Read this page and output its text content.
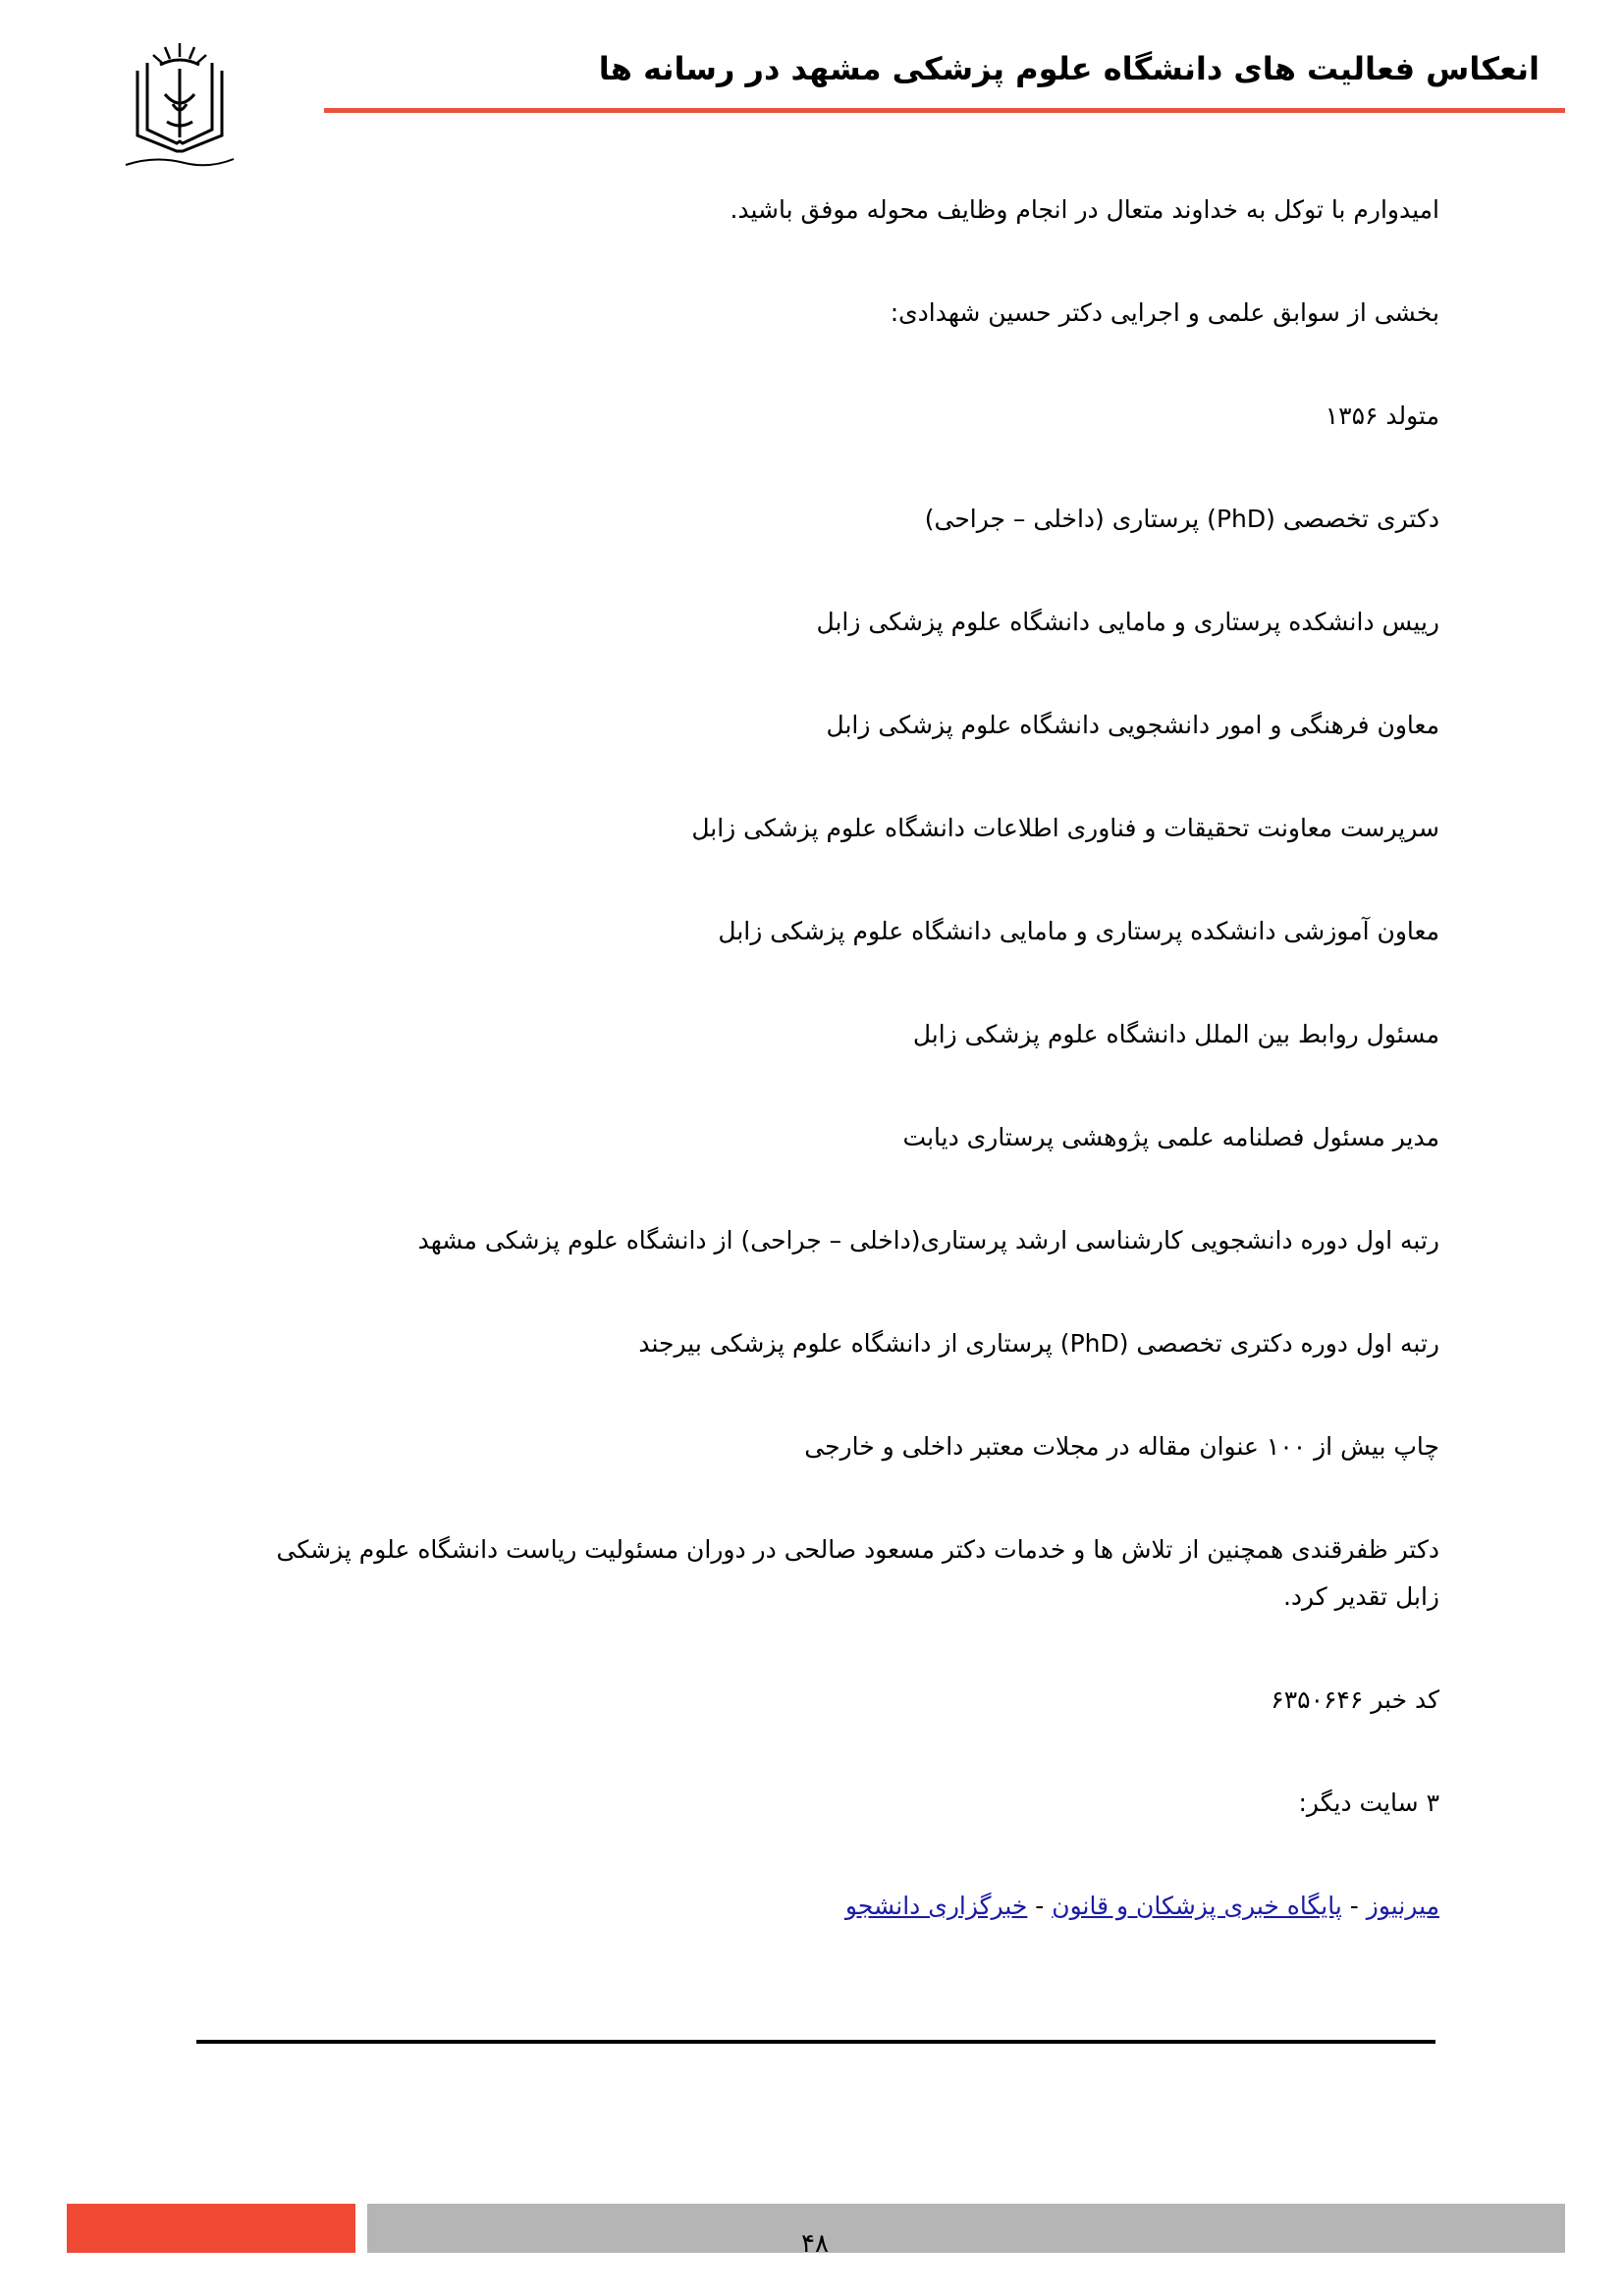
انعکاس فعالیت های دانشگاه علوم پزشکی مشهد در رسانه ها

امیدوارم با توکل به خداوند متعال در انجام وظایف محوله موفق باشید.

بخشی از سوابق علمی و اجرایی دکتر حسین شهدادی:

متولد ۱۳۵۶

دکتری تخصصی (PhD) پرستاری (داخلی – جراحی)

رییس دانشکده پرستاری و مامایی دانشگاه علوم پزشکی زابل

معاون فرهنگی و امور دانشجویی دانشگاه علوم پزشکی زابل

سرپرست معاونت تحقیقات و فناوری اطلاعات دانشگاه علوم پزشکی زابل

معاون آموزشی دانشکده پرستاری و مامایی دانشگاه علوم پزشکی زابل

مسئول روابط بین الملل دانشگاه علوم پزشکی زابل

مدیر مسئول فصلنامه علمی پژوهشی پرستاری دیابت

رتبه اول دوره دانشجویی کارشناسی ارشد پرستاری(داخلی – جراحی) از دانشگاه علوم پزشکی مشهد

رتبه اول دوره دکتری تخصصی (PhD) پرستاری از دانشگاه علوم پزشکی بیرجند

چاپ بیش از ۱۰۰ عنوان مقاله در مجلات معتبر داخلی و خارجی

دکتر ظفرقندی همچنین از تلاش ها و خدمات دکتر مسعود صالحی در دوران مسئولیت ریاست دانشگاه علوم پزشکی زابل تقدیر کرد.

کد خبر ۶۳۵۰۶۴۶

۳ سایت دیگر:

میرنیوز - پایگاه خبری پزشکان و قانون - خبرگزاری دانشجو

۴۸
